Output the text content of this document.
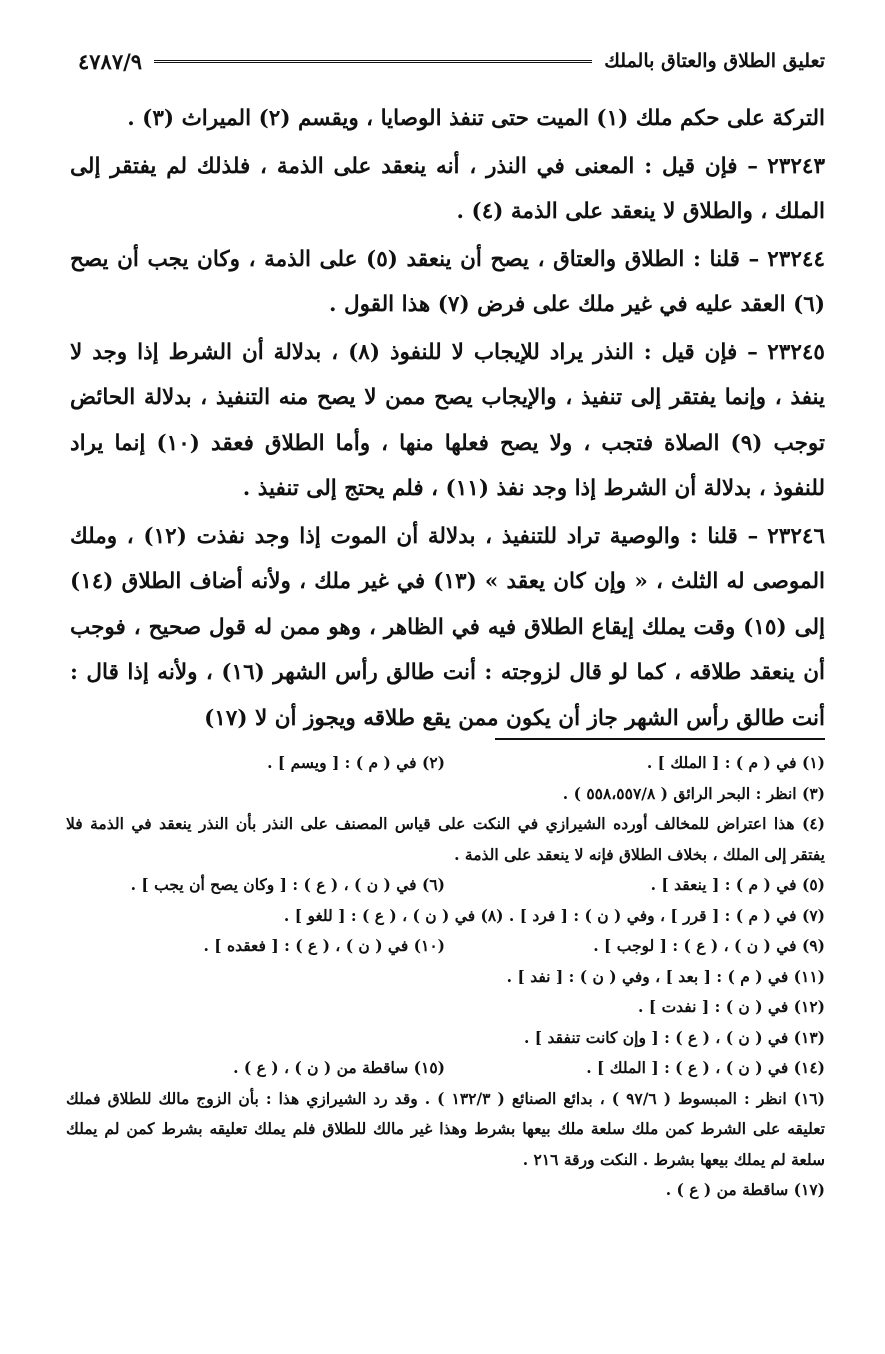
تعليق الطلاق والعتاق بالملك
٤٧٨٧/٩

التركة على حكم ملك (١) الميت حتى تنفذ الوصايا ، ويقسم (٢) الميراث (٣) .

٢٣٢٤٣ – فإن قيل : المعنى في النذر ، أنه ينعقد على الذمة ، فلذلك لم يفتقر إلى الملك ، والطلاق لا ينعقد على الذمة (٤) .

٢٣٢٤٤ – قلنا : الطلاق والعتاق ، يصح أن ينعقد (٥) على الذمة ، وكان يجب أن يصح (٦) العقد عليه في غير ملك على فرض (٧) هذا القول .

٢٣٢٤٥ – فإن قيل : النذر يراد للإيجاب لا للنفوذ (٨) ، بدلالة أن الشرط إذا وجد لا ينفذ ، وإنما يفتقر إلى تنفيذ ، والإيجاب يصح ممن لا يصح منه التنفيذ ، بدلالة الحائض توجب (٩) الصلاة فتجب ، ولا يصح فعلها منها ، وأما الطلاق فعقد (١٠) إنما يراد للنفوذ ، بدلالة أن الشرط إذا وجد نفذ (١١) ، فلم يحتج إلى تنفيذ .

٢٣٢٤٦ – قلنا : والوصية تراد للتنفيذ ، بدلالة أن الموت إذا وجد نفذت (١٢) ، وملك الموصى له الثلث ، « وإن كان يعقد » (١٣) في غير ملك ، ولأنه أضاف الطلاق (١٤) إلى (١٥) وقت يملك إيقاع الطلاق فيه في الظاهر ، وهو ممن له قول صحيح ، فوجب أن ينعقد طلاقه ، كما لو قال لزوجته : أنت طالق رأس الشهر (١٦) ، ولأنه إذا قال : أنت طالق رأس الشهر جاز أن يكون ممن يقع طلاقه ويجوز أن لا (١٧)

(١) في ( م ) : [ الملك ] .
(٢) في ( م ) : [ ويسم ] .
(٣) انظر : البحر الرائق ( ٥٥٨،٥٥٧/٨ ) .
(٤) هذا اعتراض للمخالف أورده الشيرازي في النكت على قياس المصنف على النذر بأن النذر ينعقد في الذمة فلا يفتقر إلى الملك ، بخلاف الطلاق فإنه لا ينعقد على الذمة .
(٥) في ( م ) : [ ينعقد ] .
(٦) في ( ن ) ، ( ع ) : [ وكان يصح أن يجب ] .
(٧) في ( م ) : [ قرر ] ، وفي ( ن ) : [ فرد ] . (٨) في ( ن ) ، ( ع ) : [ للغو ] .
(٩) في ( ن ) ، ( ع ) : [ لوجب ] .
(١٠) في ( ن ) ، ( ع ) : [ فعقده ] .
(١١) في ( م ) : [ بعد ] ، وفي ( ن ) : [ نفد ] .
(١٢) في ( ن ) : [ نفدت ] .
(١٣) في ( ن ) ، ( ع ) : [ وإن كانت تنفقد ] .
(١٤) في ( ن ) ، ( ع ) : [ الملك ] .
(١٥) ساقطة من ( ن ) ، ( ع ) .
(١٦) انظر : المبسوط ( ٩٧/٦ ) ، بدائع الصنائع ( ١٣٢/٣ ) . وقد رد الشيرازي هذا : بأن الزوج مالك للطلاق فملك تعليقه على الشرط كمن ملك سلعة ملك بيعها بشرط وهذا غير مالك للطلاق فلم يملك تعليقه بشرط كمن لم يملك سلعة لم يملك بيعها بشرط . النكت ورقة ٢١٦ .
(١٧) ساقطة من ( ع ) .
